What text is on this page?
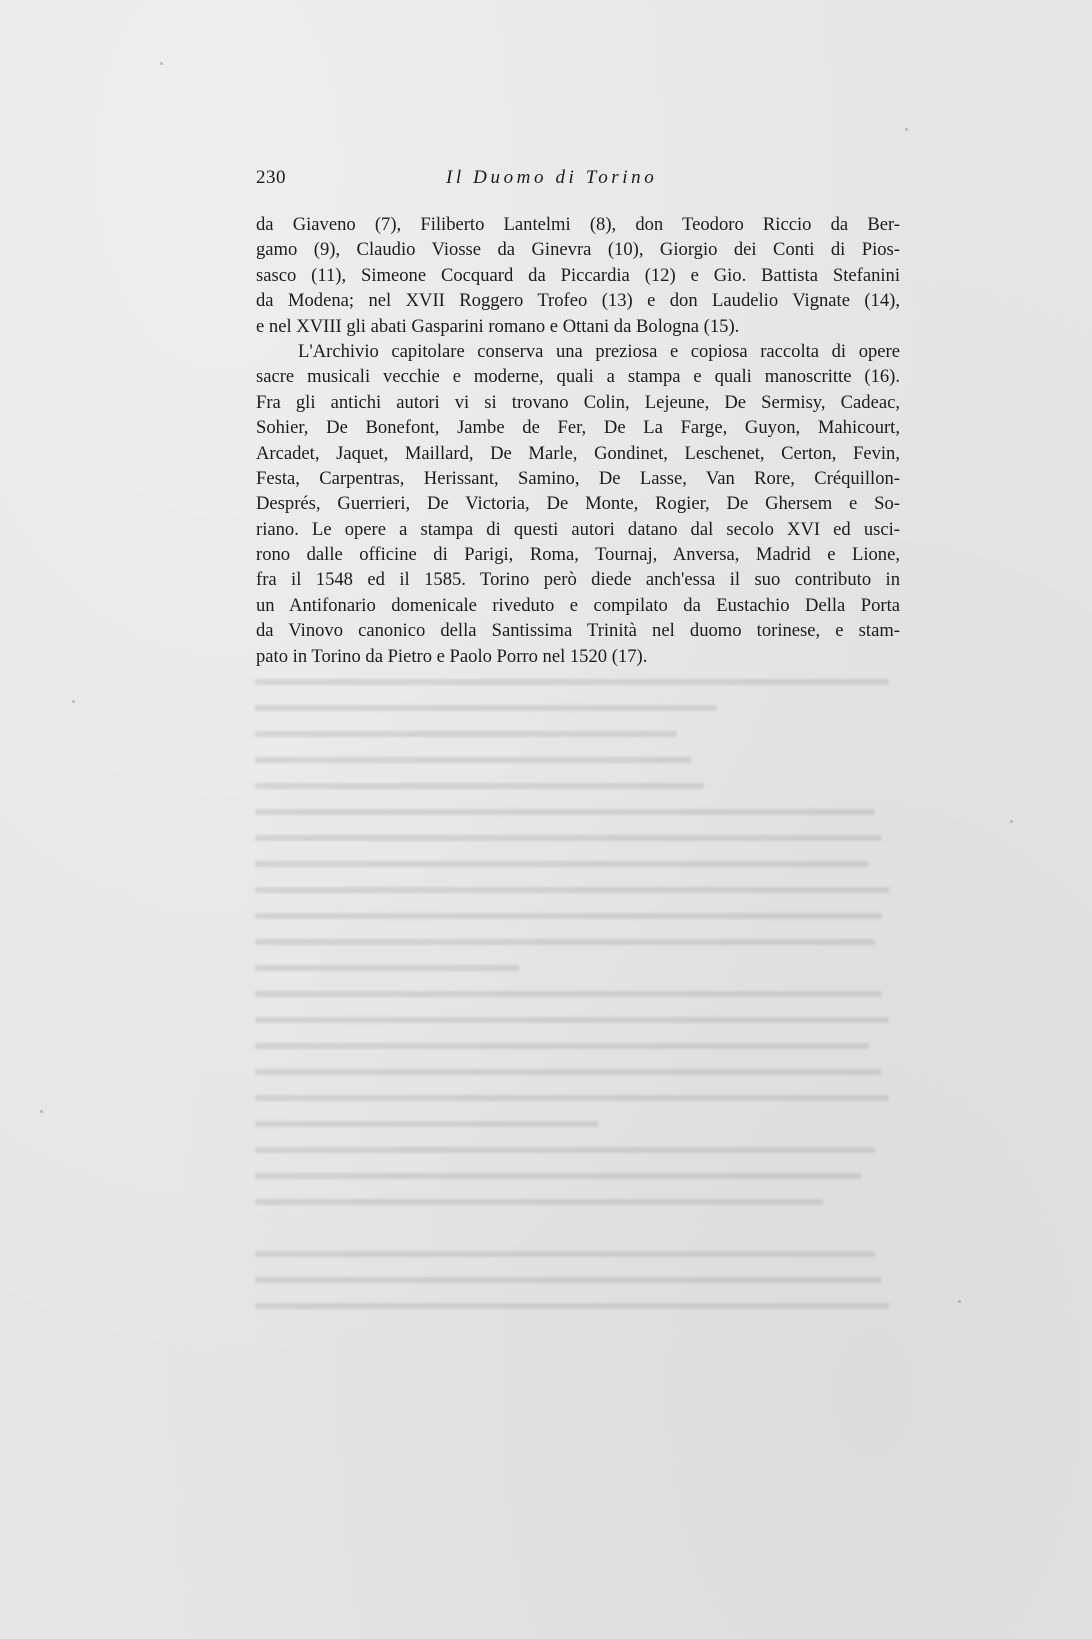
230	Il Duomo di Torino
da Giaveno (7), Filiberto Lantelmi (8), don Teodoro Riccio da Ber-
gamo (9), Claudio Viosse da Ginevra (10), Giorgio dei Conti di Pios-
sasco (11), Simeone Cocquard da Piccardia (12) e Gio. Battista Stefanini
da Modena; nel XVII Roggero Trofeo (13) e don Laudelio Vignate (14),
e nel XVIII gli abati Gasparini romano e Ottani da Bologna (15).
L'Archivio capitolare conserva una preziosa e copiosa raccolta di opere
sacre musicali vecchie e moderne, quali a stampa e quali manoscritte (16).
Fra gli antichi autori vi si trovano Colin, Lejeune, De Sermisy, Cadeac,
Sohier, De Bonefont, Jambe de Fer, De La Farge, Guyon, Mahicourt,
Arcadet, Jaquet, Maillard, De Marle, Gondinet, Leschenet, Certon, Fevin,
Festa, Carpentras, Herissant, Samino, De Lasse, Van Rore, Créquillon-
Després, Guerrieri, De Victoria, De Monte, Rogier, De Ghersem e So-
riano. Le opere a stampa di questi autori datano dal secolo XVI ed usci-
rono dalle officine di Parigi, Roma, Tournaj, Anversa, Madrid e Lione,
fra il 1548 ed il 1585. Torino però diede anch'essa il suo contributo in
un Antifonario domenicale riveduto e compilato da Eustachio Della Porta
da Vinovo canonico della Santissima Trinità nel duomo torinese, e stam-
pato in Torino da Pietro e Paolo Porro nel 1520 (17).
